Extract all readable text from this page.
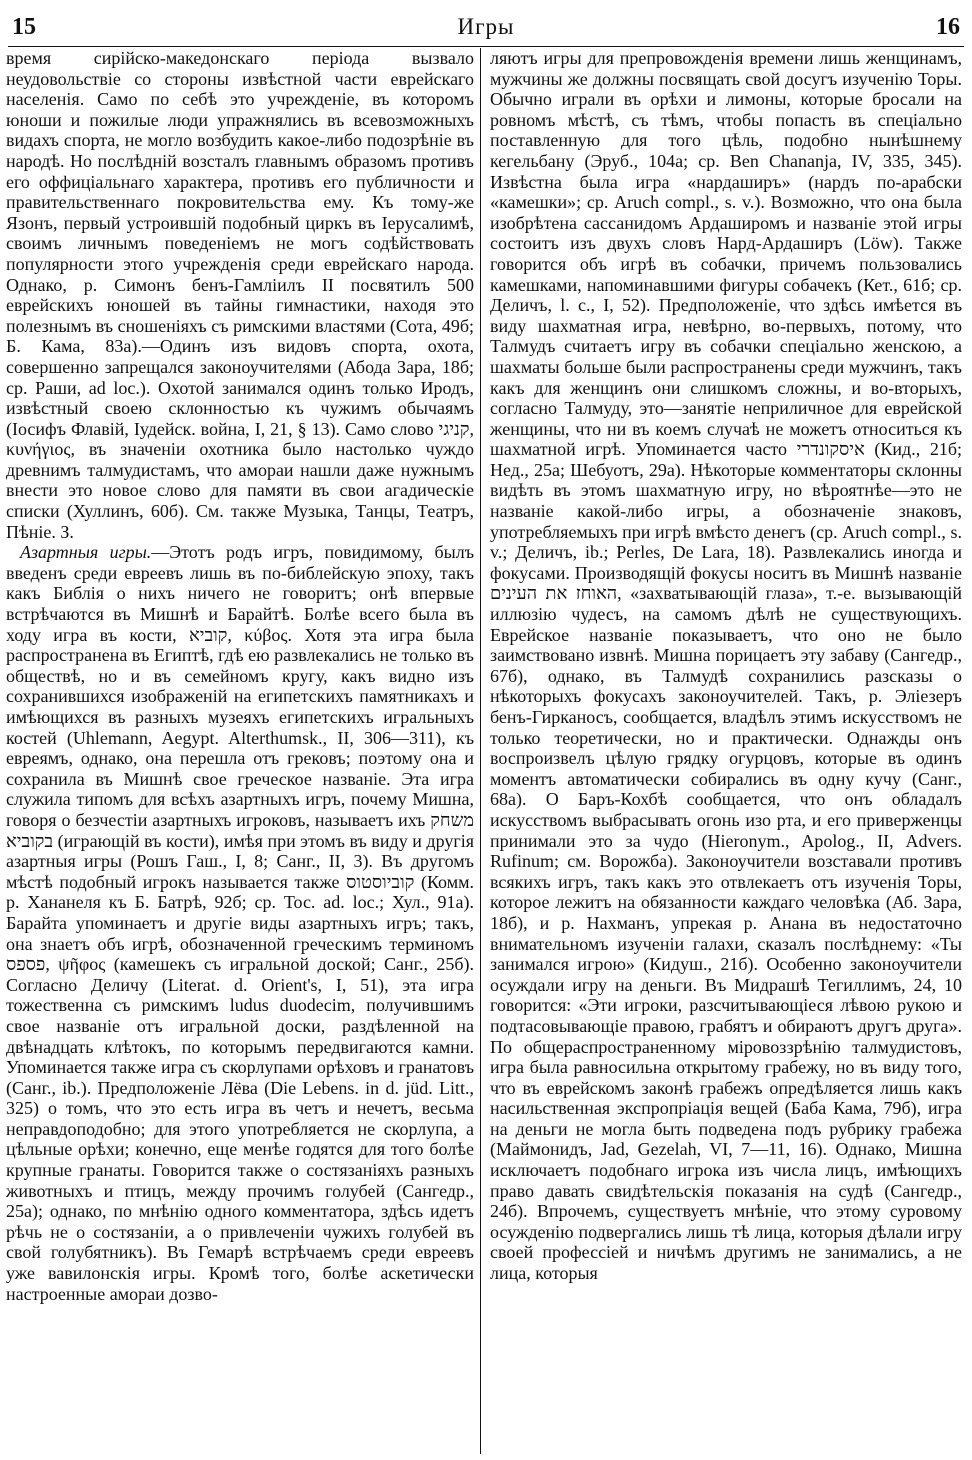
15	Игры	16

время сирійско-македонскаго періода вызвало неудовольствіе со стороны извѣстной части еврейскаго населенія. Само по себѣ это учрежденіе, въ которомъ юноши и пожилые люди упражнялись въ всевозможныхъ видахъ спорта, не могло возбудить какое-либо подозрѣніе въ народѣ. Но послѣдній возсталъ главнымъ образомъ противъ его оффиціальнаго характера, противъ его публичности и правительственнаго покровительства ему. Къ тому-же Язонъ, первый устроившій подобный циркъ въ Іерусалимѣ, своимъ личнымъ поведеніемъ не могъ содѣйствовать популярности этого учрежденія среди еврейскаго народа. Однако, р. Симонъ бенъ-Гамліилъ II посвятилъ 500 еврейскихъ юношей въ тайны гимнастики, находя это полезнымъ въ сношеніяхъ съ римскими властями (Сота, 49б; Б. Кама, 83а).—Одинъ изъ видовъ спорта, охота, совершенно запрещался законоучителями (Абода Зара, 18б; ср. Раши, ad loc.). Охотой занимался одинъ только Иродъ, извѣстный своею склонностью къ чужимъ обычаямъ (Іосифъ Флавій, Іудейск. война, I, 21, § 13). Само слово קניגי, κυνήγιος, въ значеніи охотника было настолько чуждо древнимъ талмудистамъ, что амораи нашли даже нужнымъ внести это новое слово для памяти въ свои агадическіе списки (Хуллинъ, 60б). См. также Музыка, Танцы, Театръ, Пѣніе. З.

Азартныя игры.—Этотъ родъ игръ, повидимому, былъ введенъ среди евреевъ лишь въ по-библейскую эпоху, такъ какъ Библія о нихъ ничего не говоритъ; онѣ впервые встрѣчаются въ Мишнѣ и Барайтѣ. Болѣе всего была въ ходу игра въ кости, קוביא, κύβος. Хотя эта игра была распространена въ Египтѣ, гдѣ ею развлекались не только въ обществѣ, но и въ семейномъ кругу, какъ видно изъ сохранившихся изображеній на египетскихъ памятникахъ и имѣющихся въ разныхъ музеяхъ египетскихъ игральныхъ костей (Uhlemann, Aegypt. Alterthumsk., II, 306—311), къ евреямъ, однако, она перешла отъ грековъ; поэтому она и сохранила въ Мишнѣ свое греческое названіе. Эта игра служила типомъ для всѣхъ азартныхъ игръ, почему Мишна, говоря о безчестіи азартныхъ игроковъ, называетъ ихъ משחק בקוביא (играющій въ кости), имѣя при этомъ въ виду и другія азартныя игры (Рошъ Гаш., I, 8; Санг., II, 3). Въ другомъ мѣстѣ подобный игрокъ называется также קוביוסטוס (Комм. р. Хананеля къ Б. Батрѣ, 92б; ср. Тос. ad. loc.; Хул., 91а). Барайта упоминаетъ и другіе виды азартныхъ игръ; такъ, она знаетъ объ игрѣ, обозначенной греческимъ терминомъ פספס, ψῆφος (камешекъ съ игральной доской; Санг., 25б). Согласно Деличу (Literat. d. Orient's, I, 51), эта игра тожественна съ римскимъ ludus duodecim, получившимъ свое названіе отъ игральной доски, раздѣленной на двѣнадцать клѣтокъ, по которымъ передвигаются камни. Упоминается также игра съ скорлупами орѣховъ и гранатовъ (Санг., ib.). Предположеніе Лёва (Die Lebens. in d. jüd. Litt., 325) о томъ, что это есть игра въ четъ и нечетъ, весьма неправдоподобно; для этого употребляется не скорлупа, а цѣльные орѣхи; конечно, еще менѣе годятся для того болѣе крупные гранаты. Говорится также о состязаніяхъ разныхъ животныхъ и птицъ, между прочимъ голубей (Сангедр., 25а); однако, по мнѣнію одного комментатора, здѣсь идетъ рѣчь не о состязаніи, а о привлеченіи чужихъ голубей въ свой голубятникъ). Въ Гемарѣ встрѣчаемъ среди евреевъ уже вавилонскія игры. Кромѣ того, болѣе аскетически настроенные амораи дозво-

ляютъ игры для препровожденія времени лишь женщинамъ, мужчины же должны посвящать свой досугъ изученію Торы. Обычно играли въ орѣхи и лимоны, которые бросали на ровномъ мѣстѣ, съ тѣмъ, чтобы попасть въ спеціально поставленную для того цѣль, подобно нынѣшнему кегельбану (Эруб., 104а; ср. Ben Chananja, IV, 335, 345). Извѣстна была игра «нардаширъ» (нардъ по-арабски «камешки»; ср. Aruch compl., s. v.). Возможно, что она была изобрѣтена сассанидомъ Ардаширомъ и названіе этой игры состоитъ изъ двухъ словъ Нард-Ардаширъ (Löw). Также говорится объ игрѣ въ собачки, причемъ пользовались камешками, напоминавшими фигуры собачекъ (Кет., 61б; ср. Деличъ, l. c., I, 52). Предположеніе, что здѣсь имѣется въ виду шахматная игра, невѣрно, во-первыхъ, потому, что Талмудъ считаетъ игру въ собачки спеціально женскою, а шахматы больше были распространены среди мужчинъ, такъ какъ для женщинъ они слишкомъ сложны, и во-вторыхъ, согласно Талмуду, это—занятіе неприличное для еврейской женщины, что ни въ коемъ случаѣ не можетъ относиться къ шахматной игрѣ. Упоминается часто איסקונדרי (Кид., 21б; Нед., 25а; Шебуотъ, 29а). Нѣкоторые комментаторы склонны видѣть въ этомъ шахматную игру, но вѣроятнѣе—это не названіе какой-либо игры, а обозначеніе знаковъ, употребляемыхъ при игрѣ вмѣсто денегъ (ср. Aruch compl., s. v.; Деличъ, ib.; Perles, De Lara, 18). Развлекались иногда и фокусами. Производящій фокусы носитъ въ Мишнѣ названіе האוחז את העינים, «захватывающій глаза», т.-е. вызывающій иллюзію чудесъ, на самомъ дѣлѣ не существующихъ. Еврейское названіе показываетъ, что оно не было заимствовано извнѣ. Мишна порицаетъ эту забаву (Сангедр., 67б), однако, въ Талмудѣ сохранились разсказы о нѣкоторыхъ фокусахъ законоучителей. Такъ, р. Эліезеръ бенъ-Гирканосъ, сообщается, владѣлъ этимъ искусствомъ не только теоретически, но и практически. Однажды онъ воспроизвелъ цѣлую грядку огурцовъ, которые въ одинъ моментъ автоматически собирались въ одну кучу (Санг., 68а). О Баръ-Кохбѣ сообщается, что онъ обладалъ искусствомъ выбрасывать огонь изо рта, и его приверженцы принимали это за чудо (Hieronym., Apolog., II, Advers. Rufinum; см. Ворожба). Законоучители возставали противъ всякихъ игръ, такъ какъ это отвлекаетъ отъ изученія Торы, которое лежитъ на обязанности каждаго человѣка (Аб. Зара, 18б), и р. Нахманъ, упрекая р. Анана въ недостаточно внимательномъ изученіи галахи, сказалъ послѣднему: «Ты занимался игрою» (Кидуш., 21б). Особенно законоучители осуждали игру на деньги. Въ Мидрашѣ Тегиллимъ, 24, 10 говорится: «Эти игроки, разсчитывающіеся лѣвою рукою и подтасовывающіе правою, грабятъ и обираютъ другъ друга». По общераспространенному міровоззрѣнію талмудистовъ, игра была равносильна открытому грабежу, но въ виду того, что въ еврейскомъ законѣ грабежъ опредѣляется лишь какъ насильственная экспропріація вещей (Баба Кама, 79б), игра на деньги не могла быть подведена подъ рубрику грабежа (Маймонидъ, Jad, Gezelah, VI, 7—11, 16). Однако, Мишна исключаетъ подобнаго игрока изъ числа лицъ, имѣющихъ право давать свидѣтельскія показанія на судѣ (Сангедр., 24б). Впрочемъ, существуетъ мнѣніе, что этому суровому осужденію подвергались лишь тѣ лица, которыя дѣлали игру своей профессіей и ничѣмъ другимъ не занимались, а не лица, которыя
